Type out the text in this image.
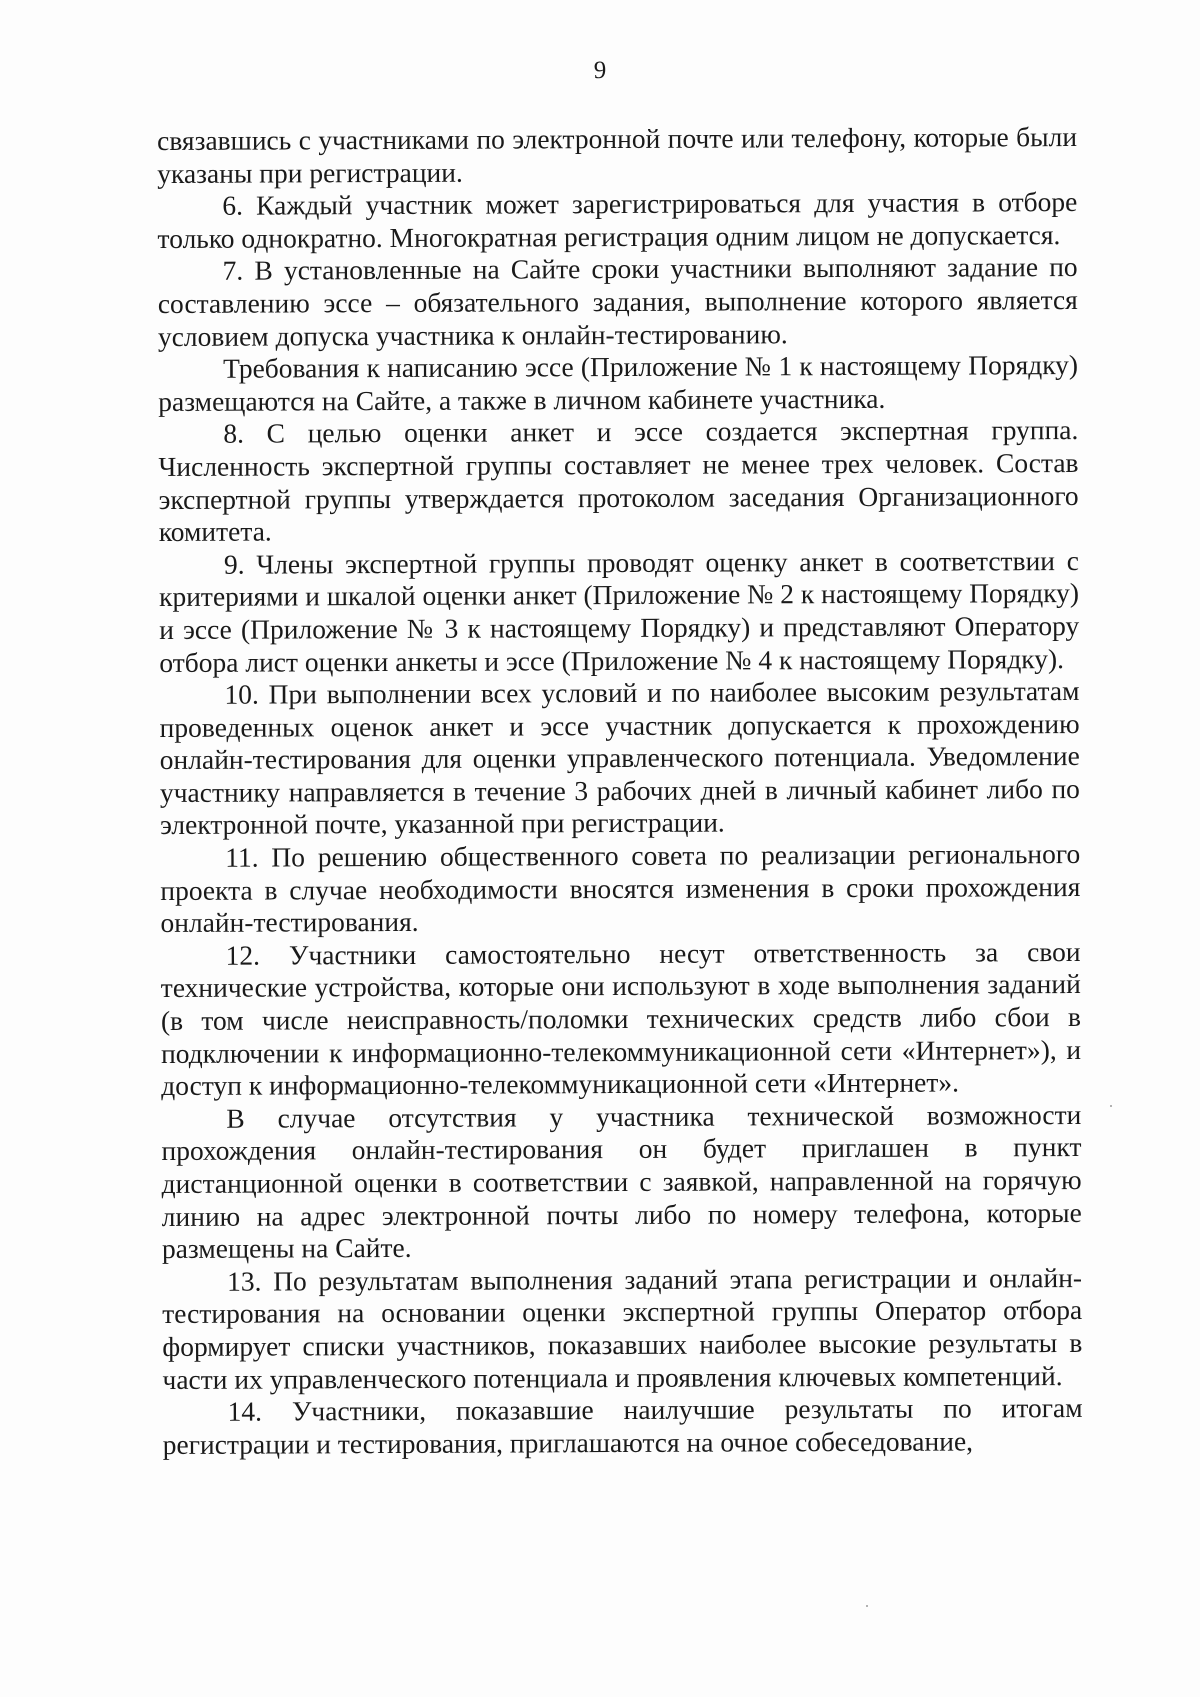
9

связавшись с участниками по электронной почте или телефону, которые были указаны при регистрации.

6. Каждый участник может зарегистрироваться для участия в отборе только однократно. Многократная регистрация одним лицом не допускается.

7. В установленные на Сайте сроки участники выполняют задание по составлению эссе – обязательного задания, выполнение которого является условием допуска участника к онлайн-тестированию.

Требования к написанию эссе (Приложение № 1 к настоящему Порядку) размещаются на Сайте, а также в личном кабинете участника.

8. С целью оценки анкет и эссе создается экспертная группа. Численность экспертной группы составляет не менее трех человек. Состав экспертной группы утверждается протоколом заседания Организационного комитета.

9. Члены экспертной группы проводят оценку анкет в соответствии с критериями и шкалой оценки анкет (Приложение № 2 к настоящему Порядку) и эссе (Приложение № 3 к настоящему Порядку) и представляют Оператору отбора лист оценки анкеты и эссе (Приложение № 4 к настоящему Порядку).

10. При выполнении всех условий и по наиболее высоким результатам проведенных оценок анкет и эссе участник допускается к прохождению онлайн-тестирования для оценки управленческого потенциала. Уведомление участнику направляется в течение 3 рабочих дней в личный кабинет либо по электронной почте, указанной при регистрации.

11. По решению общественного совета по реализации регионального проекта в случае необходимости вносятся изменения в сроки прохождения онлайн-тестирования.

12. Участники самостоятельно несут ответственность за свои технические устройства, которые они используют в ходе выполнения заданий (в том числе неисправность/поломки технических средств либо сбои в подключении к информационно-телекоммуникационной сети «Интернет»), и доступ к информационно-телекоммуникационной сети «Интернет».

В случае отсутствия у участника технической возможности прохождения онлайн-тестирования он будет приглашен в пункт дистанционной оценки в соответствии с заявкой, направленной на горячую линию на адрес электронной почты либо по номеру телефона, которые размещены на Сайте.

13. По результатам выполнения заданий этапа регистрации и онлайн-тестирования на основании оценки экспертной группы Оператор отбора формирует списки участников, показавших наиболее высокие результаты в части их управленческого потенциала и проявления ключевых компетенций.

14. Участники, показавшие наилучшие результаты по итогам регистрации и тестирования, приглашаются на очное собеседование,
